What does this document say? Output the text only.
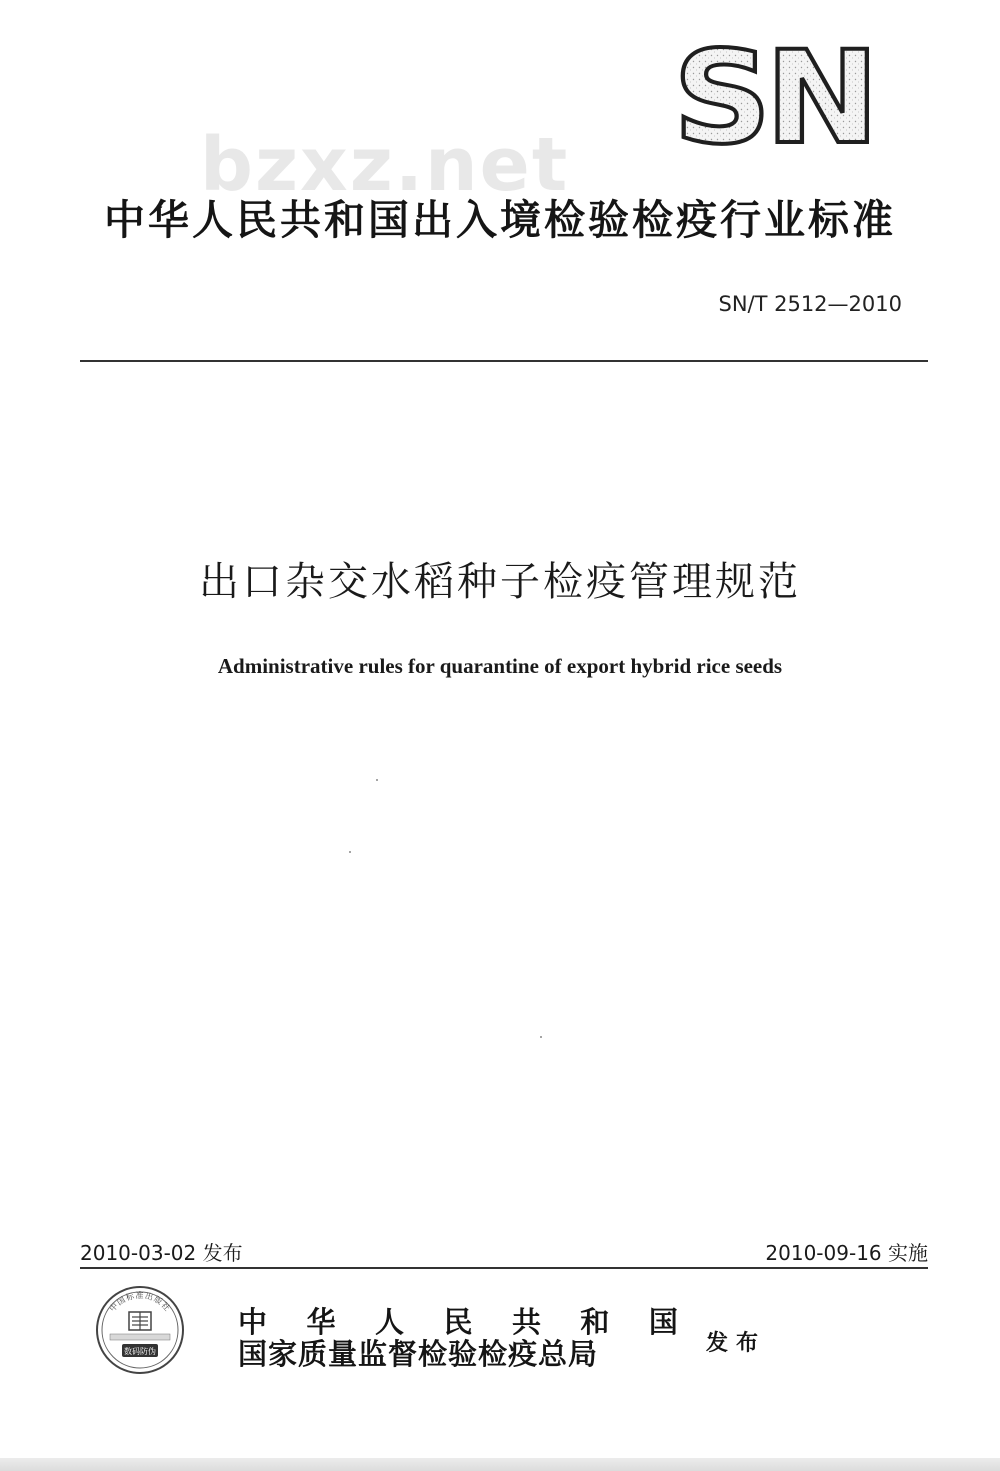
SN
bzxz.net
中华人民共和国出入境检验检疫行业标准
SN/T 2512—2010
出口杂交水稻种子检疫管理规范
Administrative rules for quarantine of export hybrid rice seeds
2010-03-02 发布	2010-09-16 实施
中国标准出版社
数码防伪
中 华 人 民 共 和 国
国家质量监督检验检疫总局	发布
